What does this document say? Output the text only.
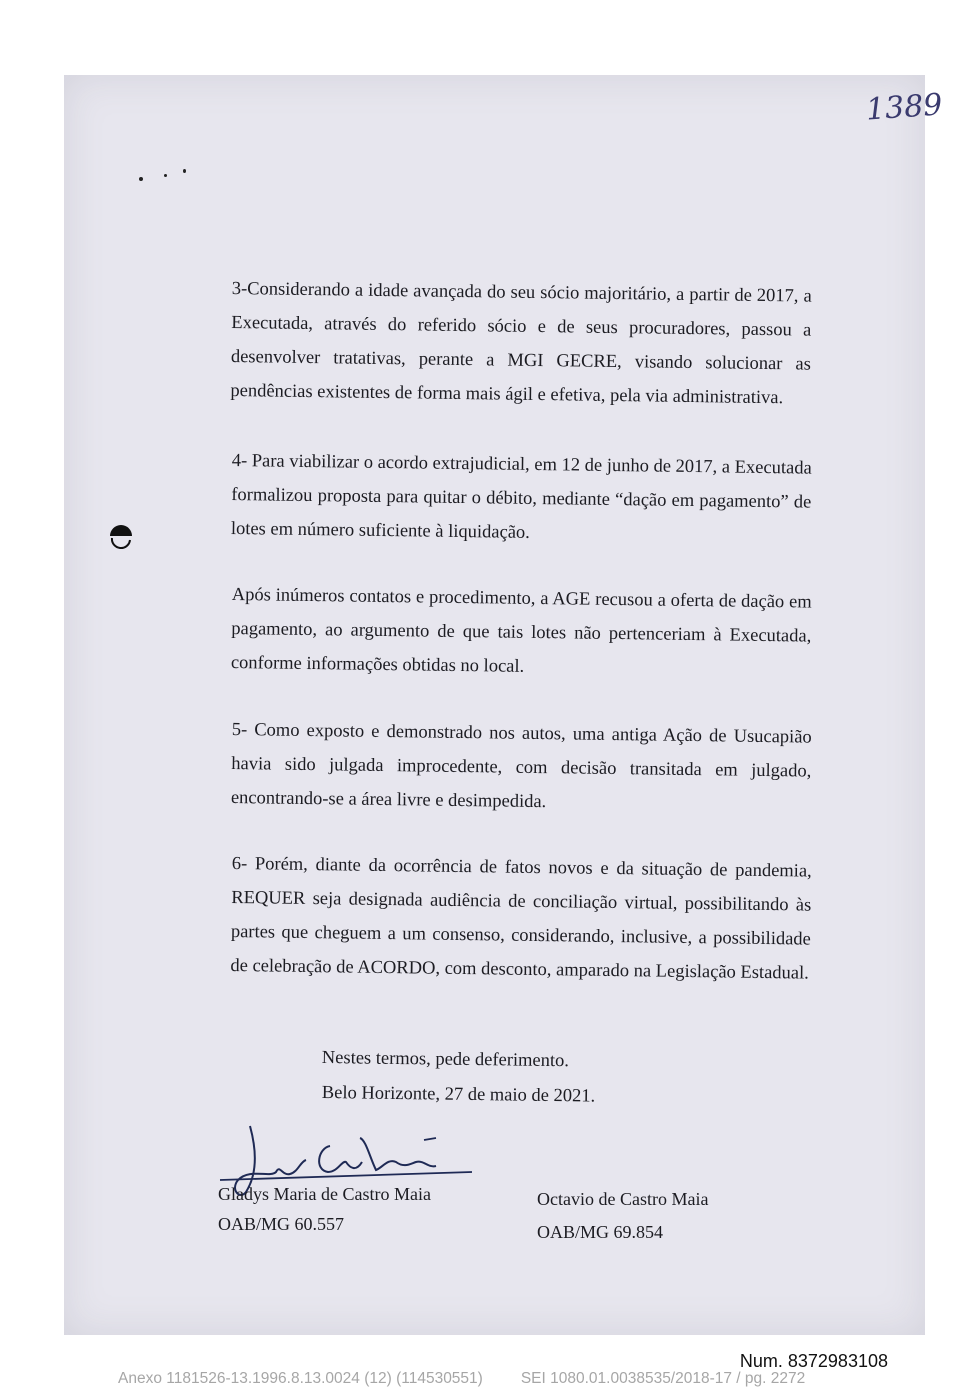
1389
3-Considerando a idade avançada do seu sócio majoritário, a partir de 2017, a Executada, através do referido sócio e de seus procuradores, passou a desenvolver tratativas, perante a MGI GECRE, visando solucionar as pendências existentes de forma mais ágil e efetiva, pela via administrativa.
4- Para viabilizar o acordo extrajudicial, em 12 de junho de 2017, a Executada formalizou proposta para quitar o débito, mediante “dação em pagamento” de lotes em número suficiente à liquidação.
Após inúmeros contatos e procedimento, a AGE recusou a oferta de dação em pagamento, ao argumento de que tais lotes não pertenceriam à Executada, conforme informações obtidas no local.
5- Como exposto e demonstrado nos autos, uma antiga Ação de Usucapião havia sido julgada improcedente, com decisão transitada em julgado, encontrando-se a área livre e desimpedida.
6- Porém, diante da ocorrência de fatos novos e da situação de pandemia, REQUER seja designada audiência de conciliação virtual, possibilitando às partes que cheguem a um consenso, considerando, inclusive, a possibilidade de celebração de ACORDO, com desconto, amparado na Legislação Estadual.
Nestes termos, pede deferimento.
Belo Horizonte, 27 de maio de 2021.
Gladys Maria de Castro Maia
OAB/MG 60.557
Octavio de Castro Maia
OAB/MG 69.854
Num. 8372983108
Anexo 1181526-13.1996.8.13.0024 (12) (114530551) SEI 1080.01.0038535/2018-17 / pg. 2272
